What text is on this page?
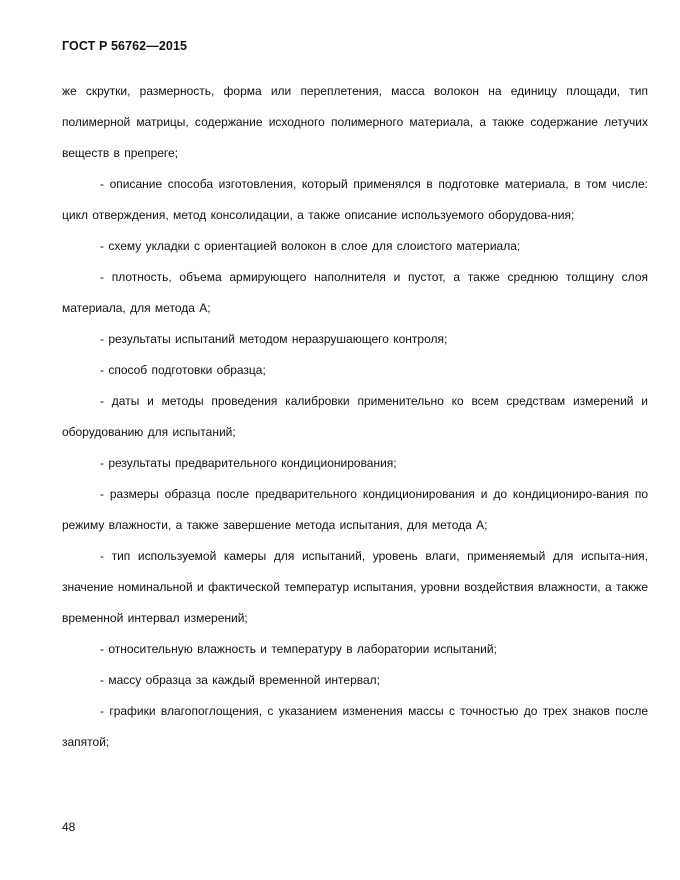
ГОСТ Р 56762—2015

же скрутки, размерность, форма или переплетения, масса волокон на единицу площади, тип полимерной матрицы, содержание исходного полимерного материала, а также содержание летучих веществ в препреге;

- описание способа изготовления, который применялся в подготовке материала, в том числе: цикл отверждения, метод консолидации, а также описание используемого оборудова-ния;

- схему укладки с ориентацией волокон в слое для слоистого материала;

- плотность, объема армирующего наполнителя и пустот, а также среднюю толщину слоя материала, для метода А;

- результаты испытаний методом неразрушающего контроля;

- способ подготовки образца;

- даты и методы проведения калибровки применительно ко всем средствам измерений и оборудованию для испытаний;

- результаты предварительного кондиционирования;

- размеры образца после предварительного кондиционирования и до кондициониро-вания по режиму влажности, а также завершение метода испытания, для метода А;

- тип используемой камеры для испытаний, уровень влаги, применяемый для испыта-ния, значение номинальной и фактической температур испытания, уровни воздействия влажности, а также временной интервал измерений;

- относительную влажность и температуру в лаборатории испытаний;

- массу образца за каждый временной интервал;

- графики влагопоглощения, с указанием изменения массы с точностью до трех знаков после запятой;

48
